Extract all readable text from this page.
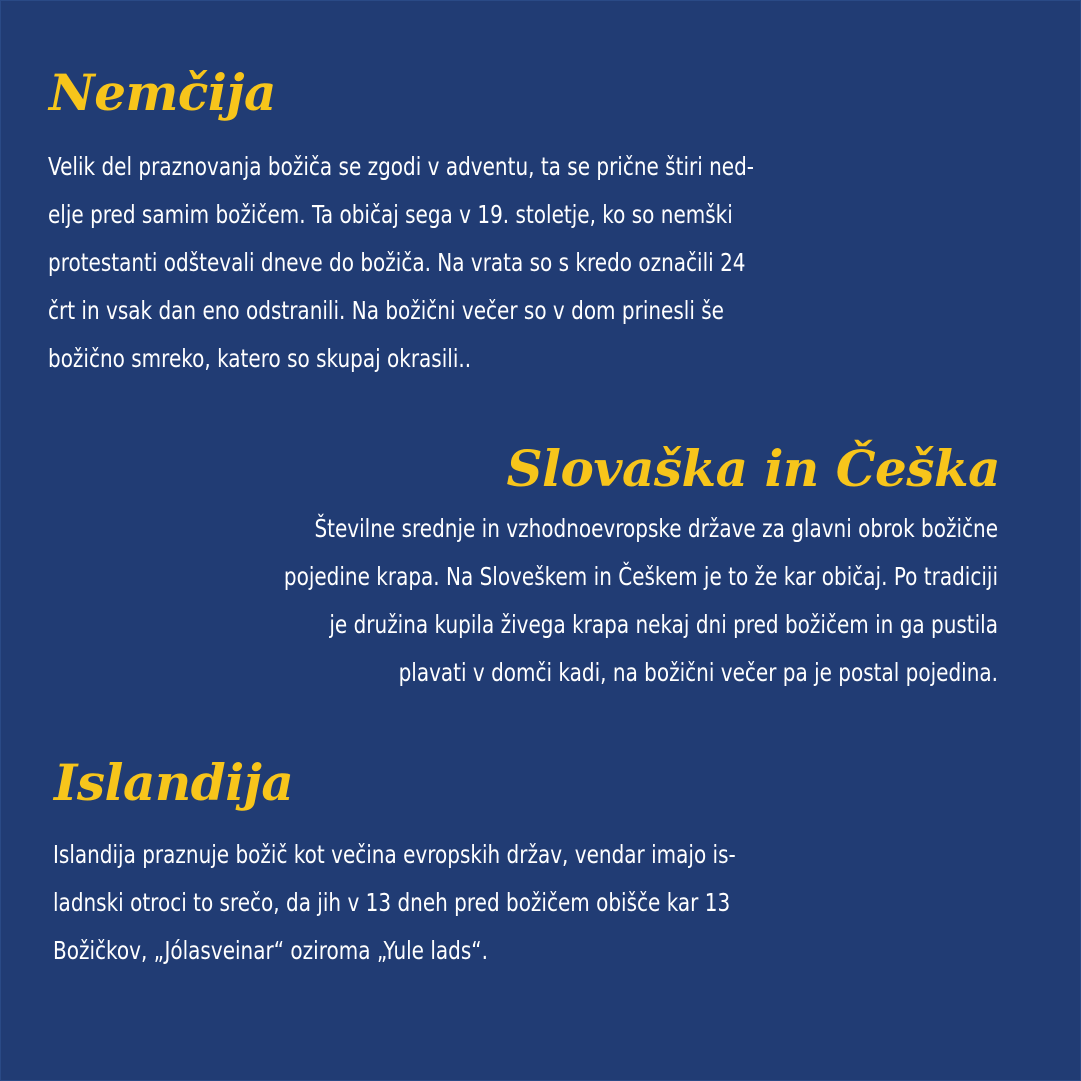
Nemčija
Velik del praznovanja božiča se zgodi v adventu, ta se prične štiri ned-
elje pred samim božičem. Ta običaj sega v 19. stoletje, ko so nemški
protestanti odštevali dneve do božiča. Na vrata so s kredo označili 24
črt in vsak dan eno odstranili. Na božični večer so v dom prinesli še
božično smreko, katero so skupaj okrasili..
Slovaška in Češka
Številne srednje in vzhodnoevropske države za glavni obrok božične
pojedine krapa. Na Sloveškem in Češkem je to že kar običaj. Po tradiciji
je družina kupila živega krapa nekaj dni pred božičem in ga pustila
plavati v domči kadi, na božični večer pa je postal pojedina.
Islandija
Islandija praznuje božič kot večina evropskih držav, vendar imajo is-
ladnski otroci to srečo, da jih v 13 dneh pred božičem obišče kar 13
Božičkov, „Jólasveinar“ oziroma „Yule lads“.
